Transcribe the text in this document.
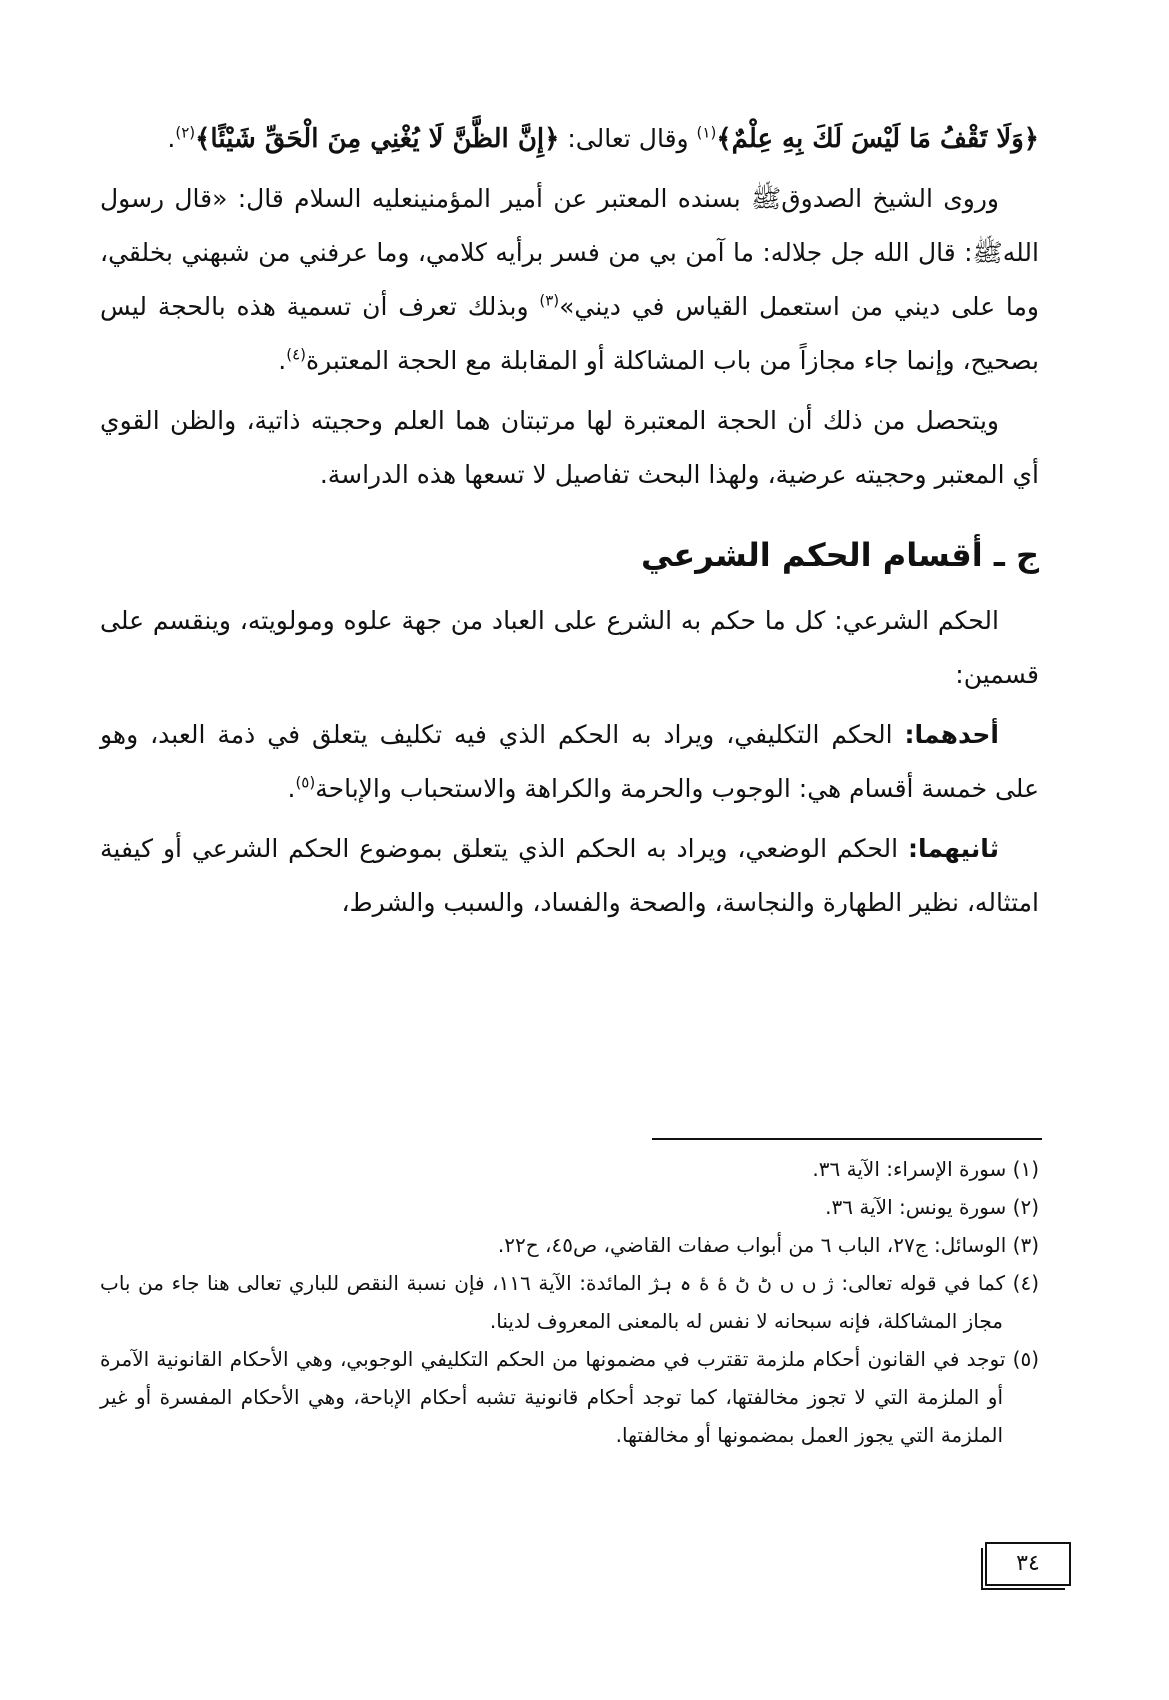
﴿وَلَا تَقْفُ مَا لَيْسَ لَكَ بِهِ عِلْمٌ﴾$^{(١)}$ وقال تعالى: ﴿إِنَّ الظَّنَّ لَا يُغْنِي مِنَ الْحَقِّ شَيْئًا﴾$^{(٢)}$.

وروى الشيخ الصدوقﷺ بسنده المعتبر عن أمير المؤمنينعليه السلام قال: «قال رسول اللهﷺ: قال الله جل جلاله: ما آمن بي من فسر برأيه كلامي، وما عرفني من شبهني بخلقي، وما على ديني من استعمل القياس في ديني»$^{(٣)}$ وبذلك تعرف أن تسمية هذه بالحجة ليس بصحيح، وإنما جاء مجازاً من باب المشاكلة أو المقابلة مع الحجة المعتبرة$^{(٤)}$.

ويتحصل من ذلك أن الحجة المعتبرة لها مرتبتان هما العلم وحجيته ذاتية، والظن القوي أي المعتبر وحجيته عرضية، ولهذا البحث تفاصيل لا تسعها هذه الدراسة.

ج ـ أقسام الحكم الشرعي

الحكم الشرعي: كل ما حكم به الشرع على العباد من جهة علوه ومولويته، وينقسم على قسمين:

أحدهما: الحكم التكليفي، ويراد به الحكم الذي فيه تكليف يتعلق في ذمة العبد، وهو على خمسة أقسام هي: الوجوب والحرمة والكراهة والاستحباب والإباحة$^{(٥)}$.

ثانيهما: الحكم الوضعي، ويراد به الحكم الذي يتعلق بموضوع الحكم الشرعي أو كيفية امتثاله، نظير الطهارة والنجاسة، والصحة والفساد، والسبب والشرط،

(١) سورة الإسراء: الآية ٣٦.

(٢) سورة يونس: الآية ٣٦.

(٣) الوسائل: ج٢٧، الباب ٦ من أبواب صفات القاضي، ص٤٥، ح٢٢.

(٤) كما في قوله تعالى: ژ ں ں ڻ ڻ ۀ ۀ ہ ہژ المائدة: الآية ١١٦، فإن نسبة النقص للباري تعالى هنا جاء من باب مجاز المشاكلة، فإنه سبحانه لا نفس له بالمعنى المعروف لدينا.

(٥) توجد في القانون أحكام ملزمة تقترب في مضمونها من الحكم التكليفي الوجوبي، وهي الأحكام القانونية الآمرة أو الملزمة التي لا تجوز مخالفتها، كما توجد أحكام قانونية تشبه أحكام الإباحة، وهي الأحكام المفسرة أو غير الملزمة التي يجوز العمل بمضمونها أو مخالفتها.

٣٤
